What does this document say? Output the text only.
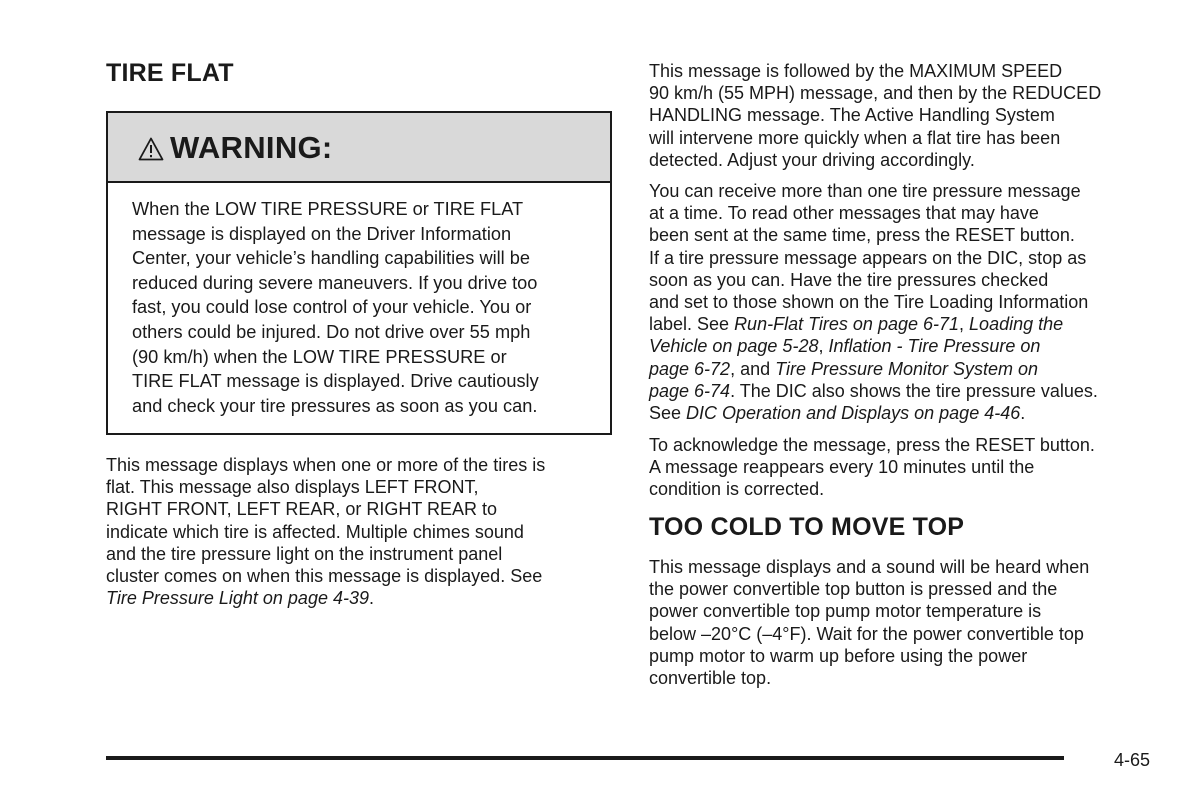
TIRE FLAT
WARNING:
When the LOW TIRE PRESSURE or TIRE FLAT
message is displayed on the Driver Information
Center, your vehicle’s handling capabilities will be
reduced during severe maneuvers. If you drive too
fast, you could lose control of your vehicle. You or
others could be injured. Do not drive over 55 mph
(90 km/h) when the LOW TIRE PRESSURE or
TIRE FLAT message is displayed. Drive cautiously
and check your tire pressures as soon as you can.
This message displays when one or more of the tires is
flat. This message also displays LEFT FRONT,
RIGHT FRONT, LEFT REAR, or RIGHT REAR to
indicate which tire is affected. Multiple chimes sound
and the tire pressure light on the instrument panel
cluster comes on when this message is displayed. See
Tire Pressure Light on page 4-39.
This message is followed by the MAXIMUM SPEED
90 km/h (55 MPH) message, and then by the REDUCED
HANDLING message. The Active Handling System
will intervene more quickly when a flat tire has been
detected. Adjust your driving accordingly.
You can receive more than one tire pressure message
at a time. To read other messages that may have
been sent at the same time, press the RESET button.
If a tire pressure message appears on the DIC, stop as
soon as you can. Have the tire pressures checked
and set to those shown on the Tire Loading Information
label. See Run-Flat Tires on page 6-71, Loading the
Vehicle on page 5-28, Inflation - Tire Pressure on
page 6-72, and Tire Pressure Monitor System on
page 6-74. The DIC also shows the tire pressure values.
See DIC Operation and Displays on page 4-46.
To acknowledge the message, press the RESET button.
A message reappears every 10 minutes until the
condition is corrected.
TOO COLD TO MOVE TOP
This message displays and a sound will be heard when
the power convertible top button is pressed and the
power convertible top pump motor temperature is
below –20°C (–4°F). Wait for the power convertible top
pump motor to warm up before using the power
convertible top.
4-65
